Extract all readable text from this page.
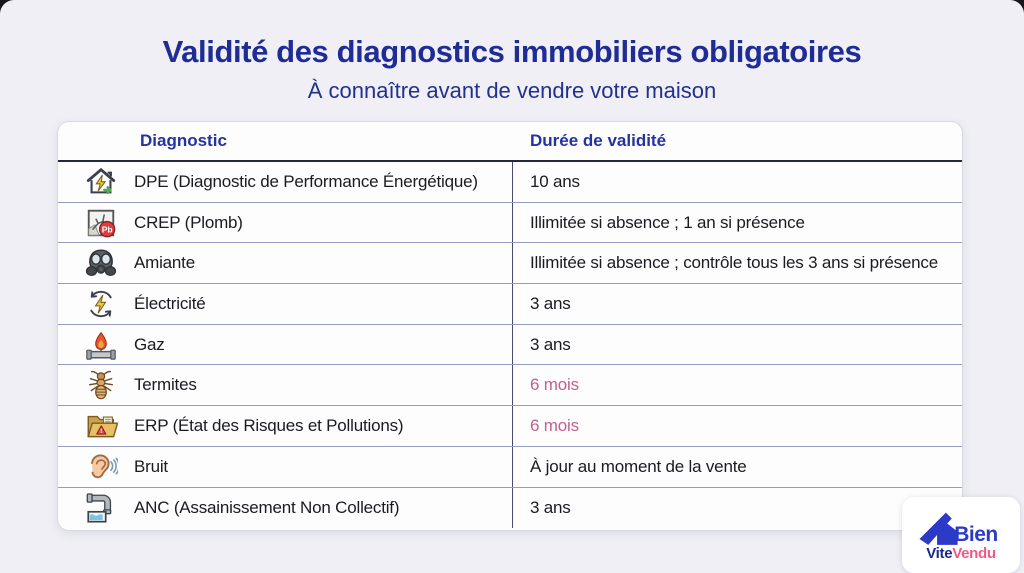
Validité des diagnostics immobiliers obligatoires
À connaître avant de vendre votre maison
Diagnostic	Durée de validité
DPE (Diagnostic de Performance Énergétique)	10 ans
Pb CREP (Plomb)	Illimitée si absence ; 1 an si présence
Amiante	Illimitée si absence ; contrôle tous les 3 ans si présence
Électricité	3 ans
Gaz	3 ans
Termites	6 mois
! ERP (État des Risques et Pollutions)	6 mois
Bruit	À jour au moment de la vente
ANC (Assainissement Non Collectif)	3 ans
Bien
ViteVendu
